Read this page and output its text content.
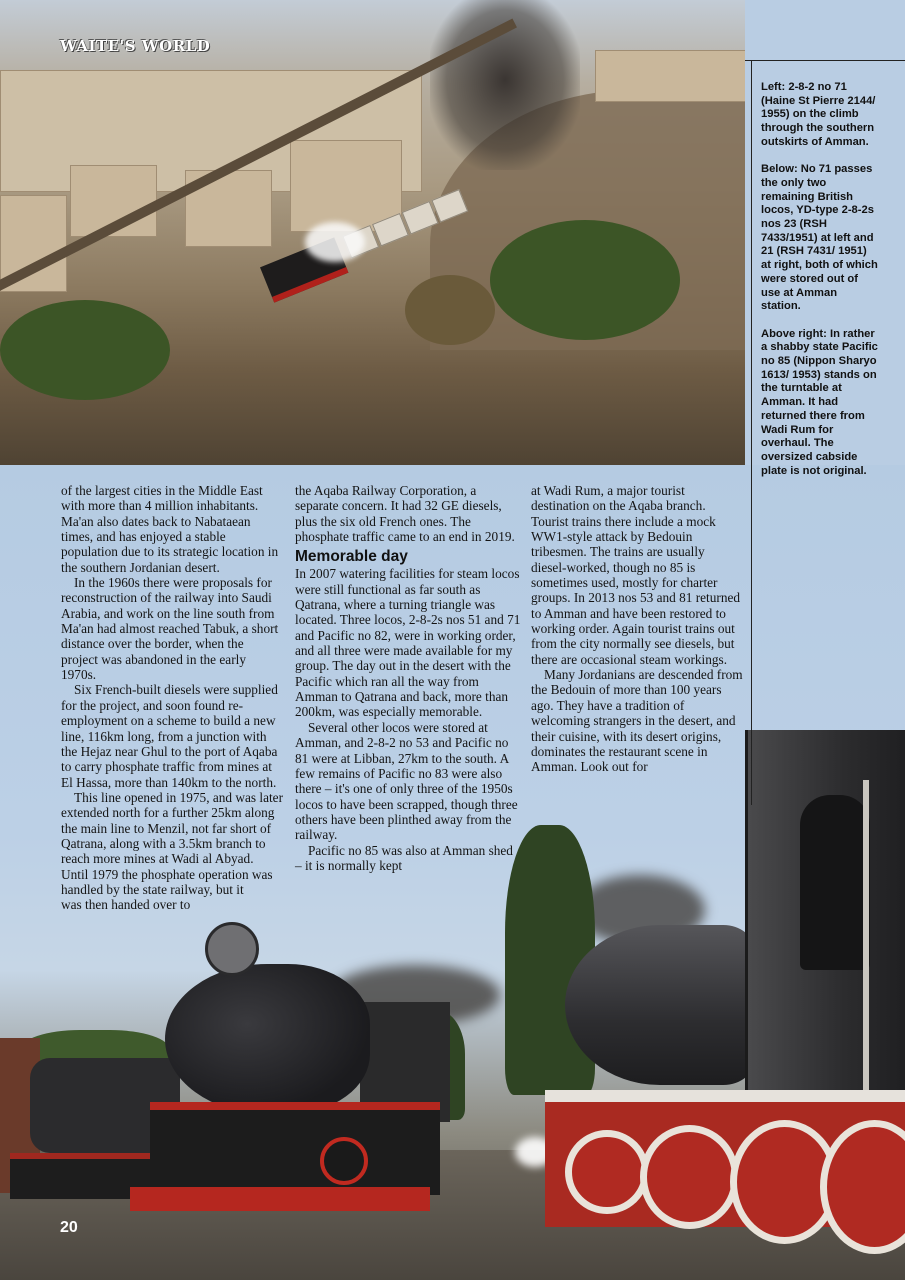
WAITE'S WORLD

Left: 2-8-2 no 71 (Haine St Pierre 2144/ 1955) on the climb through the southern outskirts of Amman.

Below: No 71 passes the only two remaining British locos, YD-type 2-8-2s nos 23 (RSH 7433/1951) at left and 21 (RSH 7431/ 1951) at right, both of which were stored out of use at Amman station.

Above right: In rather a shabby state Pacific no 85 (Nippon Sharyo 1613/ 1953) stands on the turntable at Amman. It had returned there from Wadi Rum for overhaul. The oversized cabside plate is not original.

of the largest cities in the Middle East with more than 4 million inhabitants. Ma'an also dates back to Nabataean times, and has enjoyed a stable population due to its strategic location in the southern Jordanian desert.

In the 1960s there were proposals for reconstruction of the railway into Saudi Arabia, and work on the line south from Ma'an had almost reached Tabuk, a short distance over the border, when the project was abandoned in the early 1970s.

Six French-built diesels were supplied for the project, and soon found re-employment on a scheme to build a new line, 116km long, from a junction with the Hejaz near Ghul to the port of Aqaba to carry phosphate traffic from mines at El Hassa, more than 140km to the north.

This line opened in 1975, and was later extended north for a further 25km along the main line to Menzil, not far short of Qatrana, along with a 3.5km branch to reach more mines at Wadi al Abyad. Until 1979 the phosphate operation was handled by the state railway, but it

was then handed over to

the Aqaba Railway Corporation, a separate concern. It had 32 GE diesels, plus the six old French ones. The phosphate traffic came to an end in 2019.

Memorable day

In 2007 watering facilities for steam locos were still functional as far south as Qatrana, where a turning triangle was located. Three locos, 2-8-2s nos 51 and 71 and Pacific no 82, were in working order, and all three were made available for my group. The day out in the desert with the Pacific which ran all the way from Amman to Qatrana and back, more than 200km, was especially memorable.

Several other locos were stored at Amman, and 2-8-2 no 53 and Pacific no 81 were at Libban, 27km to the south. A few remains of Pacific no 83 were also there – it's one of only three of the 1950s locos to have been scrapped, though three others have been plinthed away from the railway.

Pacific no 85 was also at Amman shed – it is normally kept

at Wadi Rum, a major tourist destination on the Aqaba branch. Tourist trains there include a mock WW1-style attack by Bedouin tribesmen. The trains are usually diesel-worked, though no 85 is sometimes used, mostly for charter groups. In 2013 nos 53 and 81 returned to Amman and have been restored to working order. Again tourist trains out from the city normally see diesels, but there are occasional steam workings.

Many Jordanians are descended from the Bedouin of more than 100 years ago. They have a tradition of welcoming strangers in the desert, and their cuisine, with its desert origins, dominates the restaurant scene in Amman. Look out for

20
